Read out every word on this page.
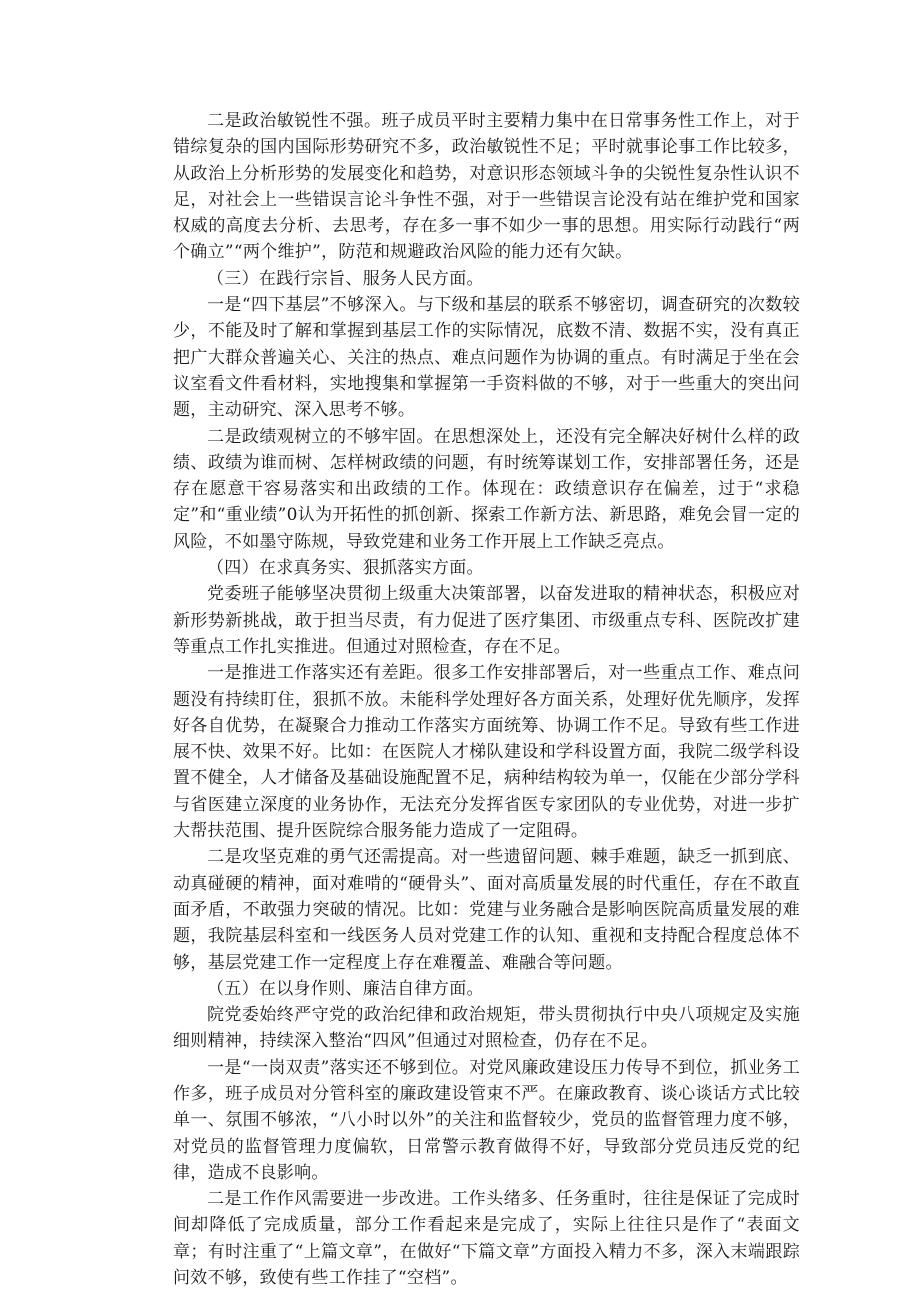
二是政治敏锐性不强。班子成员平时主要精力集中在日常事务性工作上，对于错综复杂的国内国际形势研究不多，政治敏锐性不足；平时就事论事工作比较多，从政治上分析形势的发展变化和趋势，对意识形态领域斗争的尖锐性复杂性认识不足，对社会上一些错误言论斗争性不强，对于一些错误言论没有站在维护党和国家权威的高度去分析、去思考，存在多一事不如少一事的思想。用实际行动践行“两个确立”“两个维护”，防范和规避政治风险的能力还有欠缺。

（三）在践行宗旨、服务人民方面。

一是“四下基层”不够深入。与下级和基层的联系不够密切，调查研究的次数较少，不能及时了解和掌握到基层工作的实际情况，底数不清、数据不实，没有真正把广大群众普遍关心、关注的热点、难点问题作为协调的重点。有时满足于坐在会议室看文件看材料，实地搜集和掌握第一手资料做的不够，对于一些重大的突出问题，主动研究、深入思考不够。

二是政绩观树立的不够牢固。在思想深处上，还没有完全解决好树什么样的政绩、政绩为谁而树、怎样树政绩的问题，有时统筹谋划工作，安排部署任务，还是存在愿意干容易落实和出政绩的工作。体现在：政绩意识存在偏差，过于“求稳定”和“重业绩”0认为开拓性的抓创新、探索工作新方法、新思路，难免会冒一定的风险，不如墨守陈规，导致党建和业务工作开展上工作缺乏亮点。

（四）在求真务实、狠抓落实方面。

党委班子能够坚决贯彻上级重大决策部署，以奋发进取的精神状态，积极应对新形势新挑战，敢于担当尽责，有力促进了医疗集团、市级重点专科、医院改扩建等重点工作扎实推进。但通过对照检查，存在不足。

一是推进工作落实还有差距。很多工作安排部署后，对一些重点工作、难点问题没有持续盯住，狠抓不放。未能科学处理好各方面关系，处理好优先顺序，发挥好各自优势，在凝聚合力推动工作落实方面统筹、协调工作不足。导致有些工作进展不快、效果不好。比如：在医院人才梯队建设和学科设置方面，我院二级学科设置不健全，人才储备及基础设施配置不足，病种结构较为单一，仅能在少部分学科与省医建立深度的业务协作，无法充分发挥省医专家团队的专业优势，对进一步扩大帮扶范围、提升医院综合服务能力造成了一定阻碍。

二是攻坚克难的勇气还需提高。对一些遗留问题、棘手难题，缺乏一抓到底、动真碰硬的精神，面对难啃的“硬骨头”、面对高质量发展的时代重任，存在不敢直面矛盾，不敢强力突破的情况。比如：党建与业务融合是影响医院高质量发展的难题，我院基层科室和一线医务人员对党建工作的认知、重视和支持配合程度总体不够，基层党建工作一定程度上存在难覆盖、难融合等问题。

（五）在以身作则、廉洁自律方面。

院党委始终严守党的政治纪律和政治规矩，带头贯彻执行中央八项规定及实施细则精神，持续深入整治“四风”但通过对照检查，仍存在不足。

一是“一岗双责”落实还不够到位。对党风廉政建设压力传导不到位，抓业务工作多，班子成员对分管科室的廉政建设管束不严。在廉政教育、谈心谈话方式比较单一、氛围不够浓，“八小时以外”的关注和监督较少，党员的监督管理力度不够，对党员的监督管理力度偏软，日常警示教育做得不好，导致部分党员违反党的纪律，造成不良影响。

二是工作作风需要进一步改进。工作头绪多、任务重时，往往是保证了完成时间却降低了完成质量，部分工作看起来是完成了，实际上往往只是作了“表面文章；有时注重了“上篇文章”，在做好“下篇文章”方面投入精力不多，深入末端跟踪问效不够，致使有些工作挂了“空档”。
